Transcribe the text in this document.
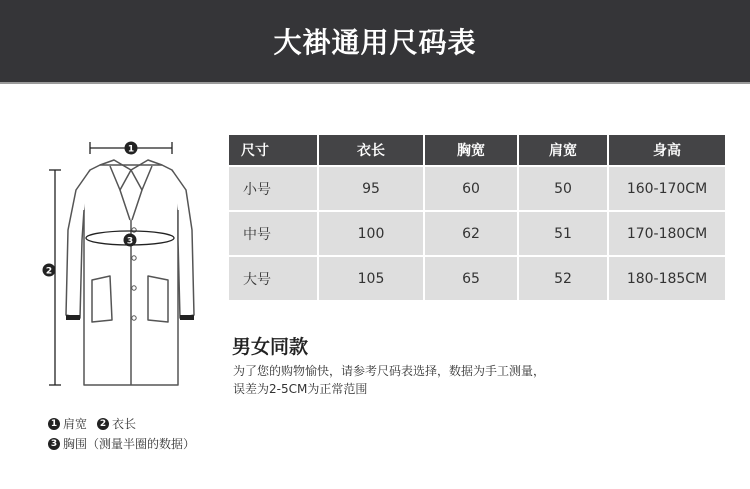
大褂通用尺码表
1
2
3
尺寸	衣长	胸宽	肩宽	身高
小号	95	60	50	160-170CM
中号	100	62	51	170-180CM
大号	105	65	52	180-185CM
男女同款
为了您的购物愉快，请参考尺码表选择，数据为手工测量，
误差为2-5CM为正常范围
1 肩宽	2 衣长
3 胸围（测量半圈的数据）
